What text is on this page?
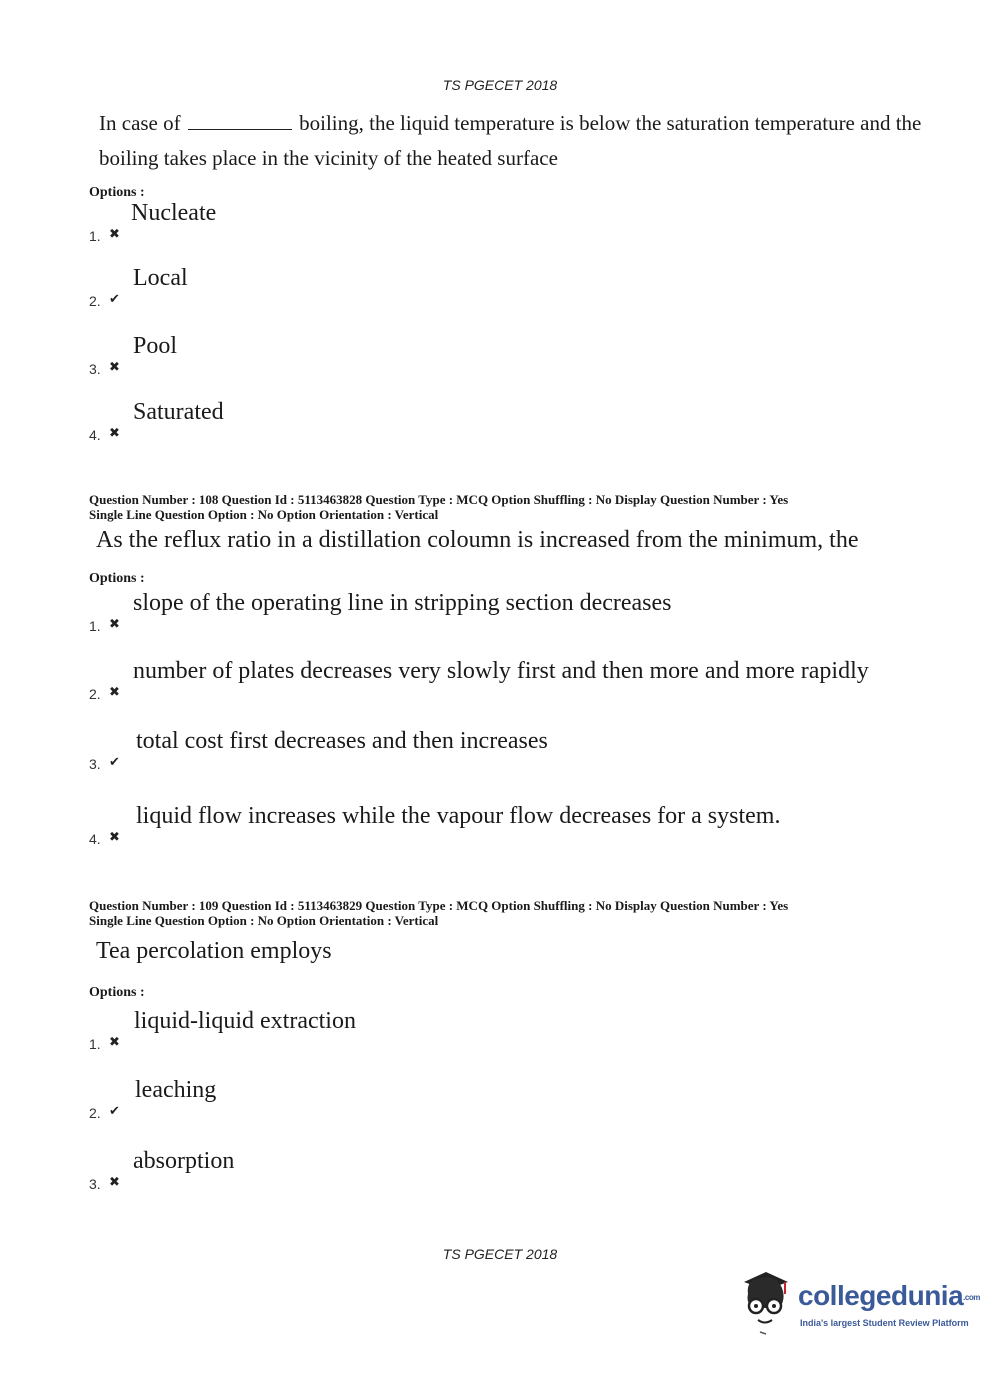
TS PGECET 2018
In case of	boiling, the liquid temperature is below the saturation temperature and the
boiling takes place in the vicinity of the heated surface
Options :
1. ✖
Nucleate
2. ✔
Local
3. ✖
Pool
4. ✖
Saturated
Question Number : 108 Question Id : 5113463828 Question Type : MCQ Option Shuffling : No Display Question Number : Yes
Single Line Question Option : No Option Orientation : Vertical
As the reflux ratio in a distillation coloumn is increased from the minimum, the
Options :
1. ✖
slope of the operating line in stripping section decreases
2. ✖
number of plates decreases very slowly first and then more and more rapidly
3. ✔
total cost first decreases and then increases
4. ✖
liquid flow increases while the vapour flow decreases for a system.
Question Number : 109 Question Id : 5113463829 Question Type : MCQ Option Shuffling : No Display Question Number : Yes
Single Line Question Option : No Option Orientation : Vertical
Tea percolation employs
Options :
1. ✖
liquid-liquid extraction
2. ✔
leaching
3. ✖
absorption
TS PGECET 2018
collegedunia.com
India's largest Student Review Platform
